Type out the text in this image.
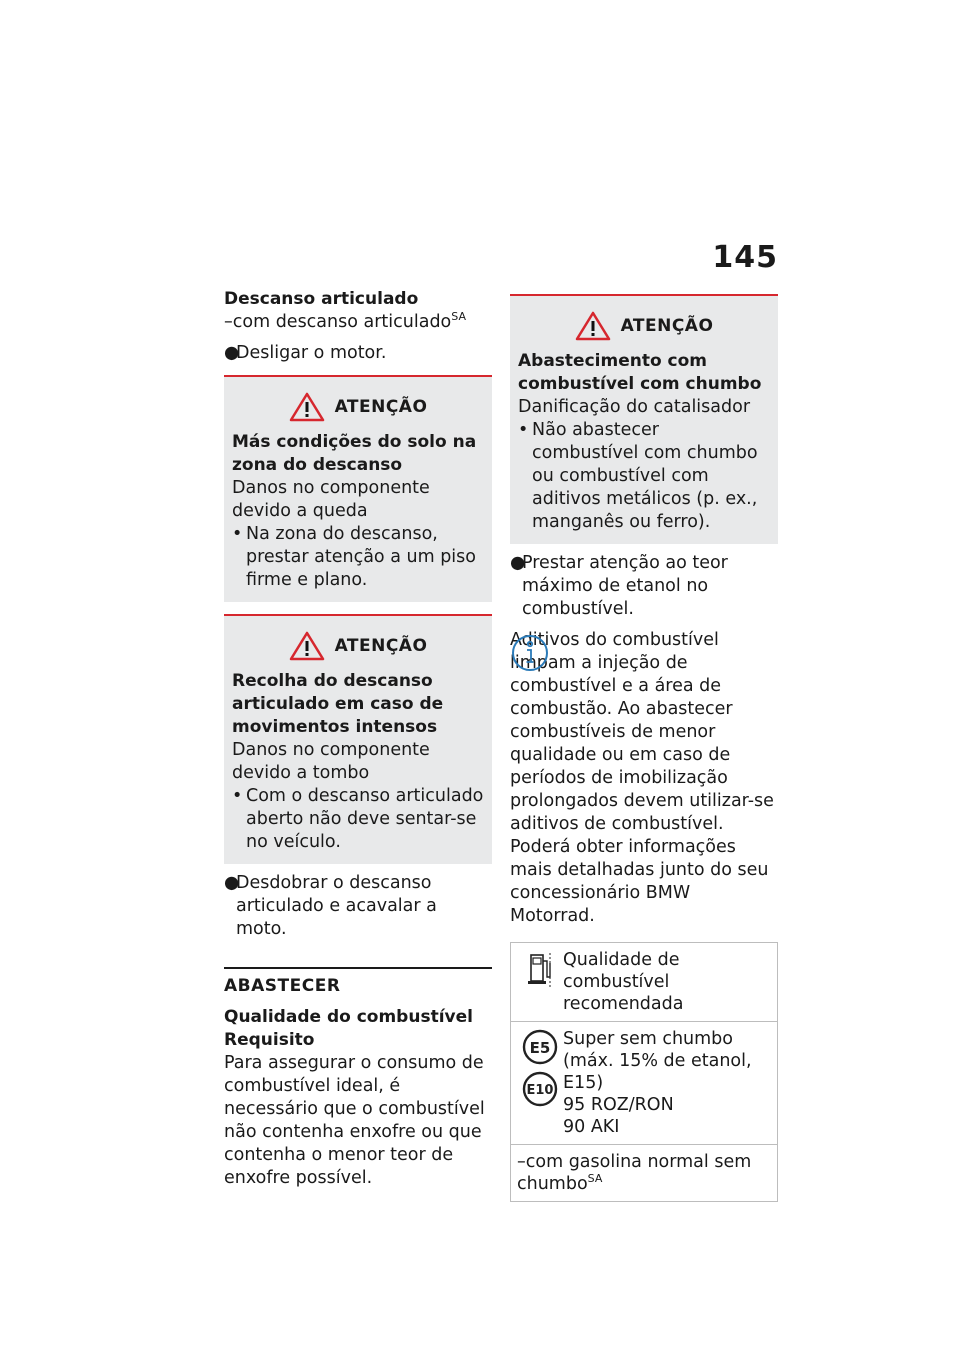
145
Descanso articulado
–com descanso articulado$^{SA}$
●
Desligar o motor.
ATENÇÃO
Más condições do solo na zona do descanso
Danos no componente devido a queda
• Na zona do descanso, prestar atenção a um piso firme e plano.
ATENÇÃO
Recolha do descanso articulado em caso de movimentos intensos
Danos no componente devido a tombo
• Com o descanso articulado aberto não deve sentar-se no veículo.
●
Desdobrar o descanso articulado e acavalar a moto.
ABASTECER
Qualidade do combustível
Requisito
Para assegurar o consumo de combustível ideal, é necessário que o combustível não contenha enxofre ou que contenha o menor teor de enxofre possível.
ATENÇÃO
Abastecimento com combustível com chumbo
Danificação do catalisador
• Não abastecer combustível com chumbo ou combustível com aditivos metálicos (p. ex., manganês ou ferro).
●
Prestar atenção ao teor máximo de etanol no combustível.
Aditivos do combustível limpam a injeção de combustível e a área de combustão. Ao abastecer combustíveis de menor qualidade ou em caso de períodos de imobilização prolongados devem utilizar-se aditivos de combustível. Poderá obter informações mais detalhadas junto do seu concessionário BMW Motorrad.
Qualidade de combustível recomendada
E5
E10
Super sem chumbo
(máx. 15% de etanol,
E15)
95 ROZ/RON
90 AKI
–com gasolina normal sem chumbo$^{SA}$
